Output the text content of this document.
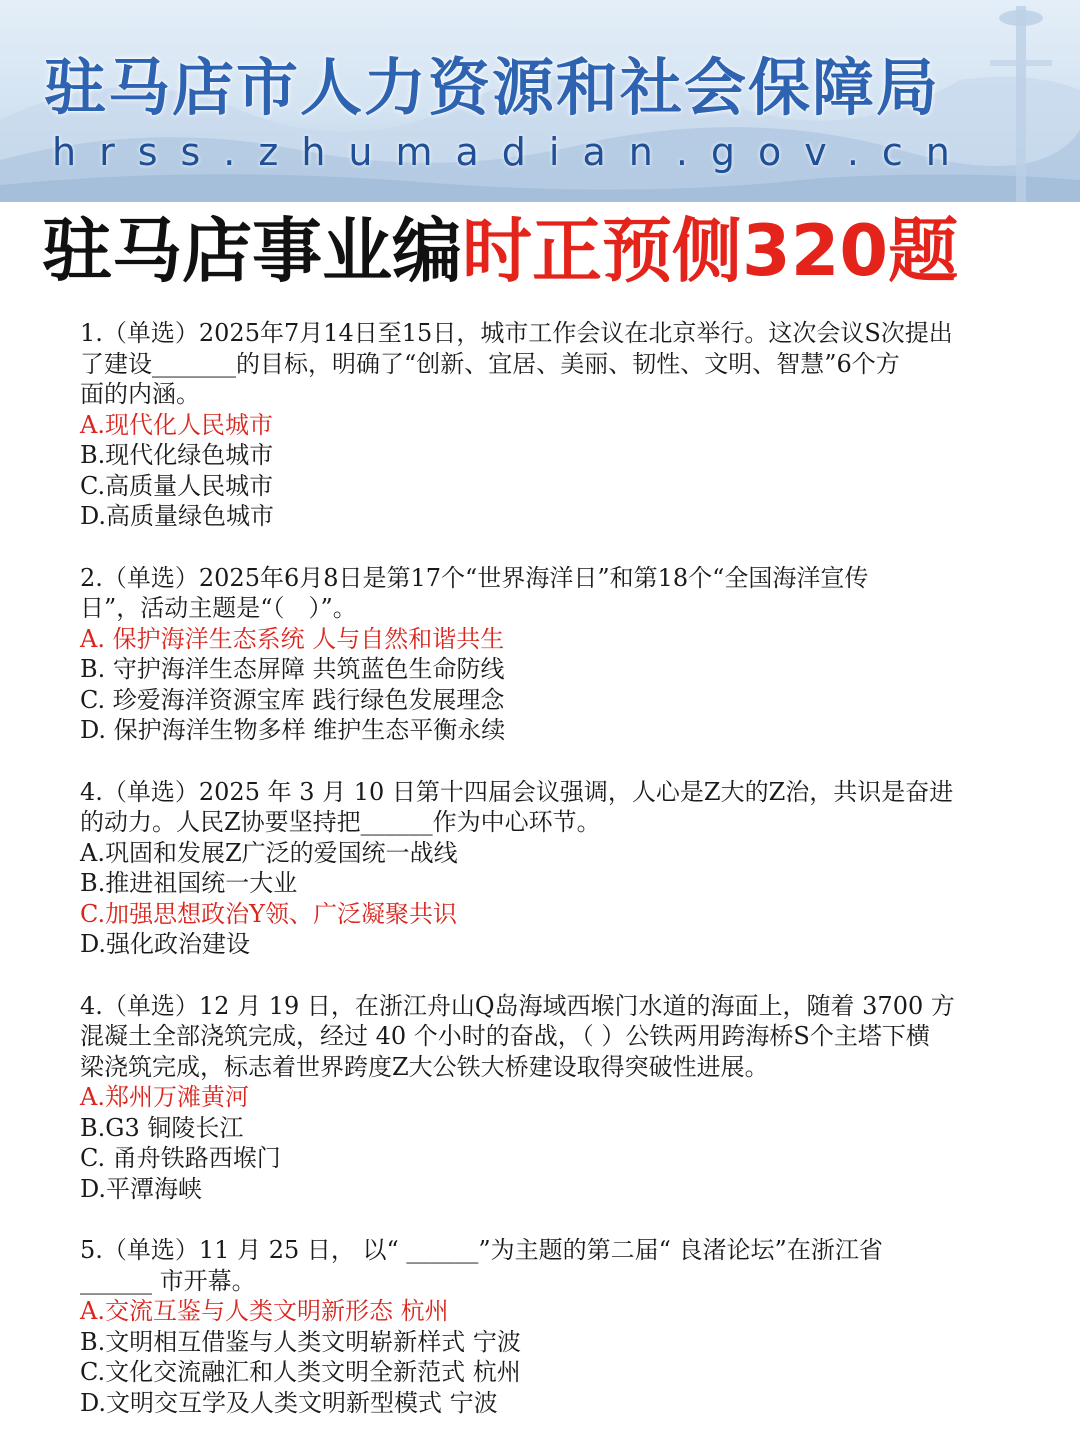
驻马店市人力资源和社会保障局
hrss.zhumadian.gov.cn
驻马店事业编时正预侧320题

1.（单选）2025年7月14日至15日，城市工作会议在北京举行。这次会议S次提出

了建设_______的目标，明确了“创新、宜居、美丽、韧性、文明、智慧”6个方

面的内涵。

A.现代化人民城市

B.现代化绿色城市

C.高质量人民城市

D.高质量绿色城市

2.（单选）2025年6月8日是第17个“世界海洋日”和第18个“全国海洋宣传

日”，活动主题是“（　）”。

A. 保护海洋生态系统 人与自然和谐共生

B. 守护海洋生态屏障 共筑蓝色生命防线

C. 珍爱海洋资源宝库 践行绿色发展理念

D. 保护海洋生物多样 维护生态平衡永续

4.（单选）2025 年 3 月 10 日第十四届会议强调，人心是Z大的Z治，共识是奋进

的动力。人民Z协要坚持把______作为中心环节。

A.巩固和发展Z广泛的爱国统一战线

B.推进祖国统一大业

C.加强思想政治Y领、广泛凝聚共识

D.强化政治建设

4.（单选）12 月 19 日，在浙江舟山Q岛海域西堠门水道的海面上，随着 3700 方

混凝土全部浇筑完成，经过 40 个小时的奋战，（ ）公铁两用跨海桥S个主塔下横

梁浇筑完成，标志着世界跨度Z大公铁大桥建设取得突破性进展。

A.郑州万滩黄河

B.G3 铜陵长江

C. 甬舟铁路西堠门

D.平潭海峡

5.（单选）11 月 25 日， 以“ ______”为主题的第二届“ 良渚论坛”在浙江省

______ 市开幕。

A.交流互鉴与人类文明新形态 杭州

B.文明相互借鉴与人类文明崭新样式 宁波

C.文化交流融汇和人类文明全新范式 杭州

D.文明交互学及人类文明新型模式 宁波
